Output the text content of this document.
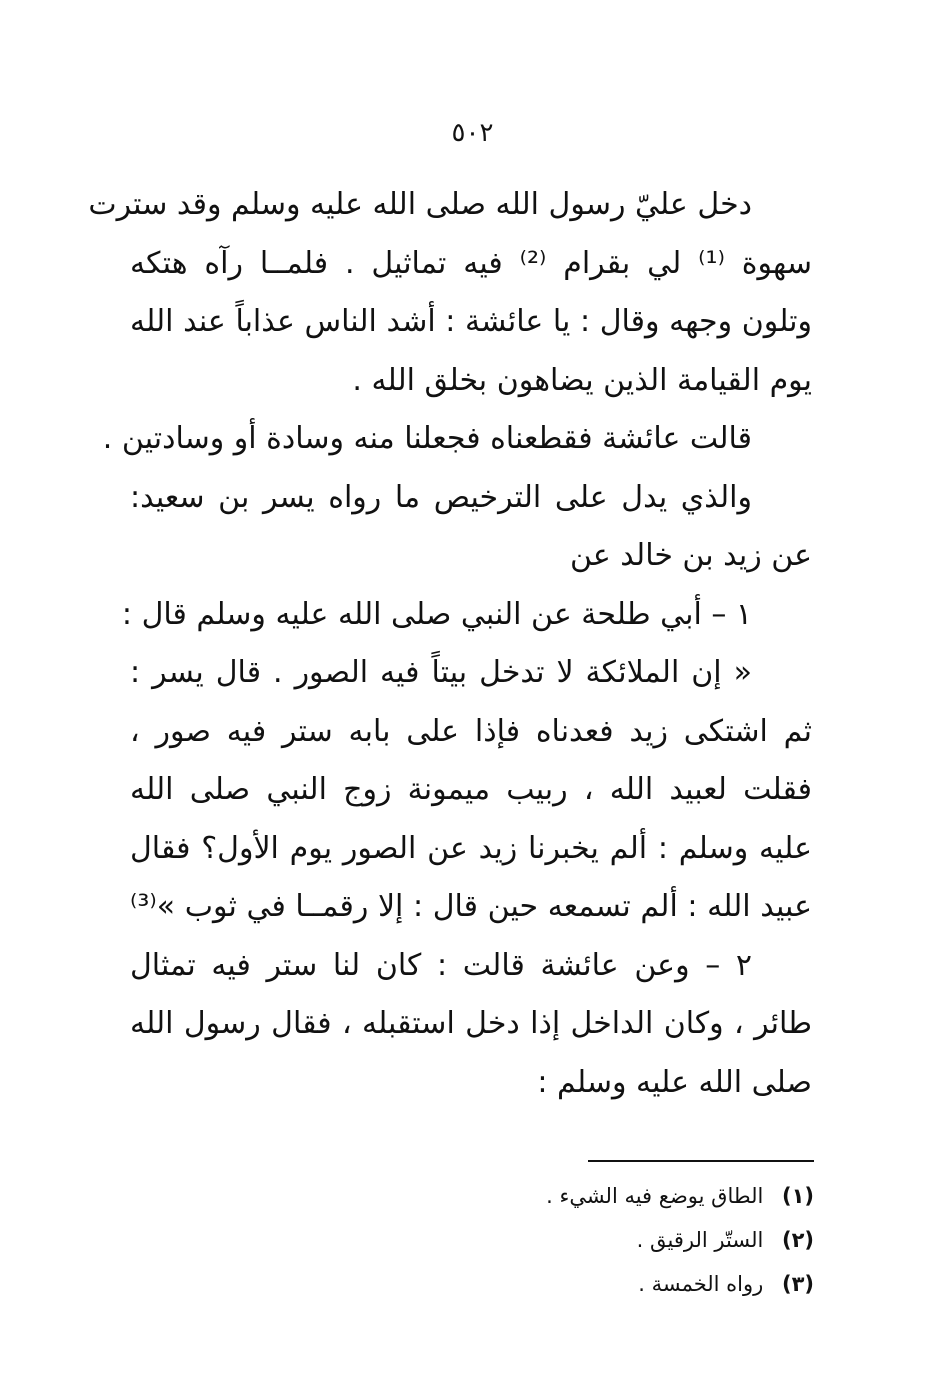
٥٠٢
دخل عليّ رسول الله صلى الله عليه وسلم وقد سترت
سهوة ⁽¹⁾ لي بقرام ⁽²⁾ فيه تماثيل . فلمــا رآه هتكه
وتلون وجهه وقال : يا عائشة : أشد الناس عذاباً عند الله
يوم القيامة الذين يضاهون بخلق الله .
قالت عائشة فقطعناه فجعلنا منه وسادة أو وسادتين .
والذي يدل على الترخيص ما رواه يسر بن سعيد:
عن زيد بن خالد عن
١ – أبي طلحة عن النبي صلى الله عليه وسلم قال :
« إن الملائكة لا تدخل بيتاً فيه الصور . قال يسر :
ثم اشتكى زيد فعدناه فإذا على بابه ستر فيه صور ،
فقلت لعبيد الله ، ربيب ميمونة زوج النبي صلى الله
عليه وسلم : ألم يخبرنا زيد عن الصور يوم الأول؟ فقال
عبيد الله : ألم تسمعه حين قال : إلا رقمــا في ثوب »⁽³⁾
٢ – وعن عائشة قالت : كان لنا ستر فيه تمثال
طائر ، وكان الداخل إذا دخل استقبله ، فقال رسول الله
صلى الله عليه وسلم :
(١) الطاق يوضع فيه الشيء .
(٢) الستّر الرقيق .
(٣) رواه الخمسة .
